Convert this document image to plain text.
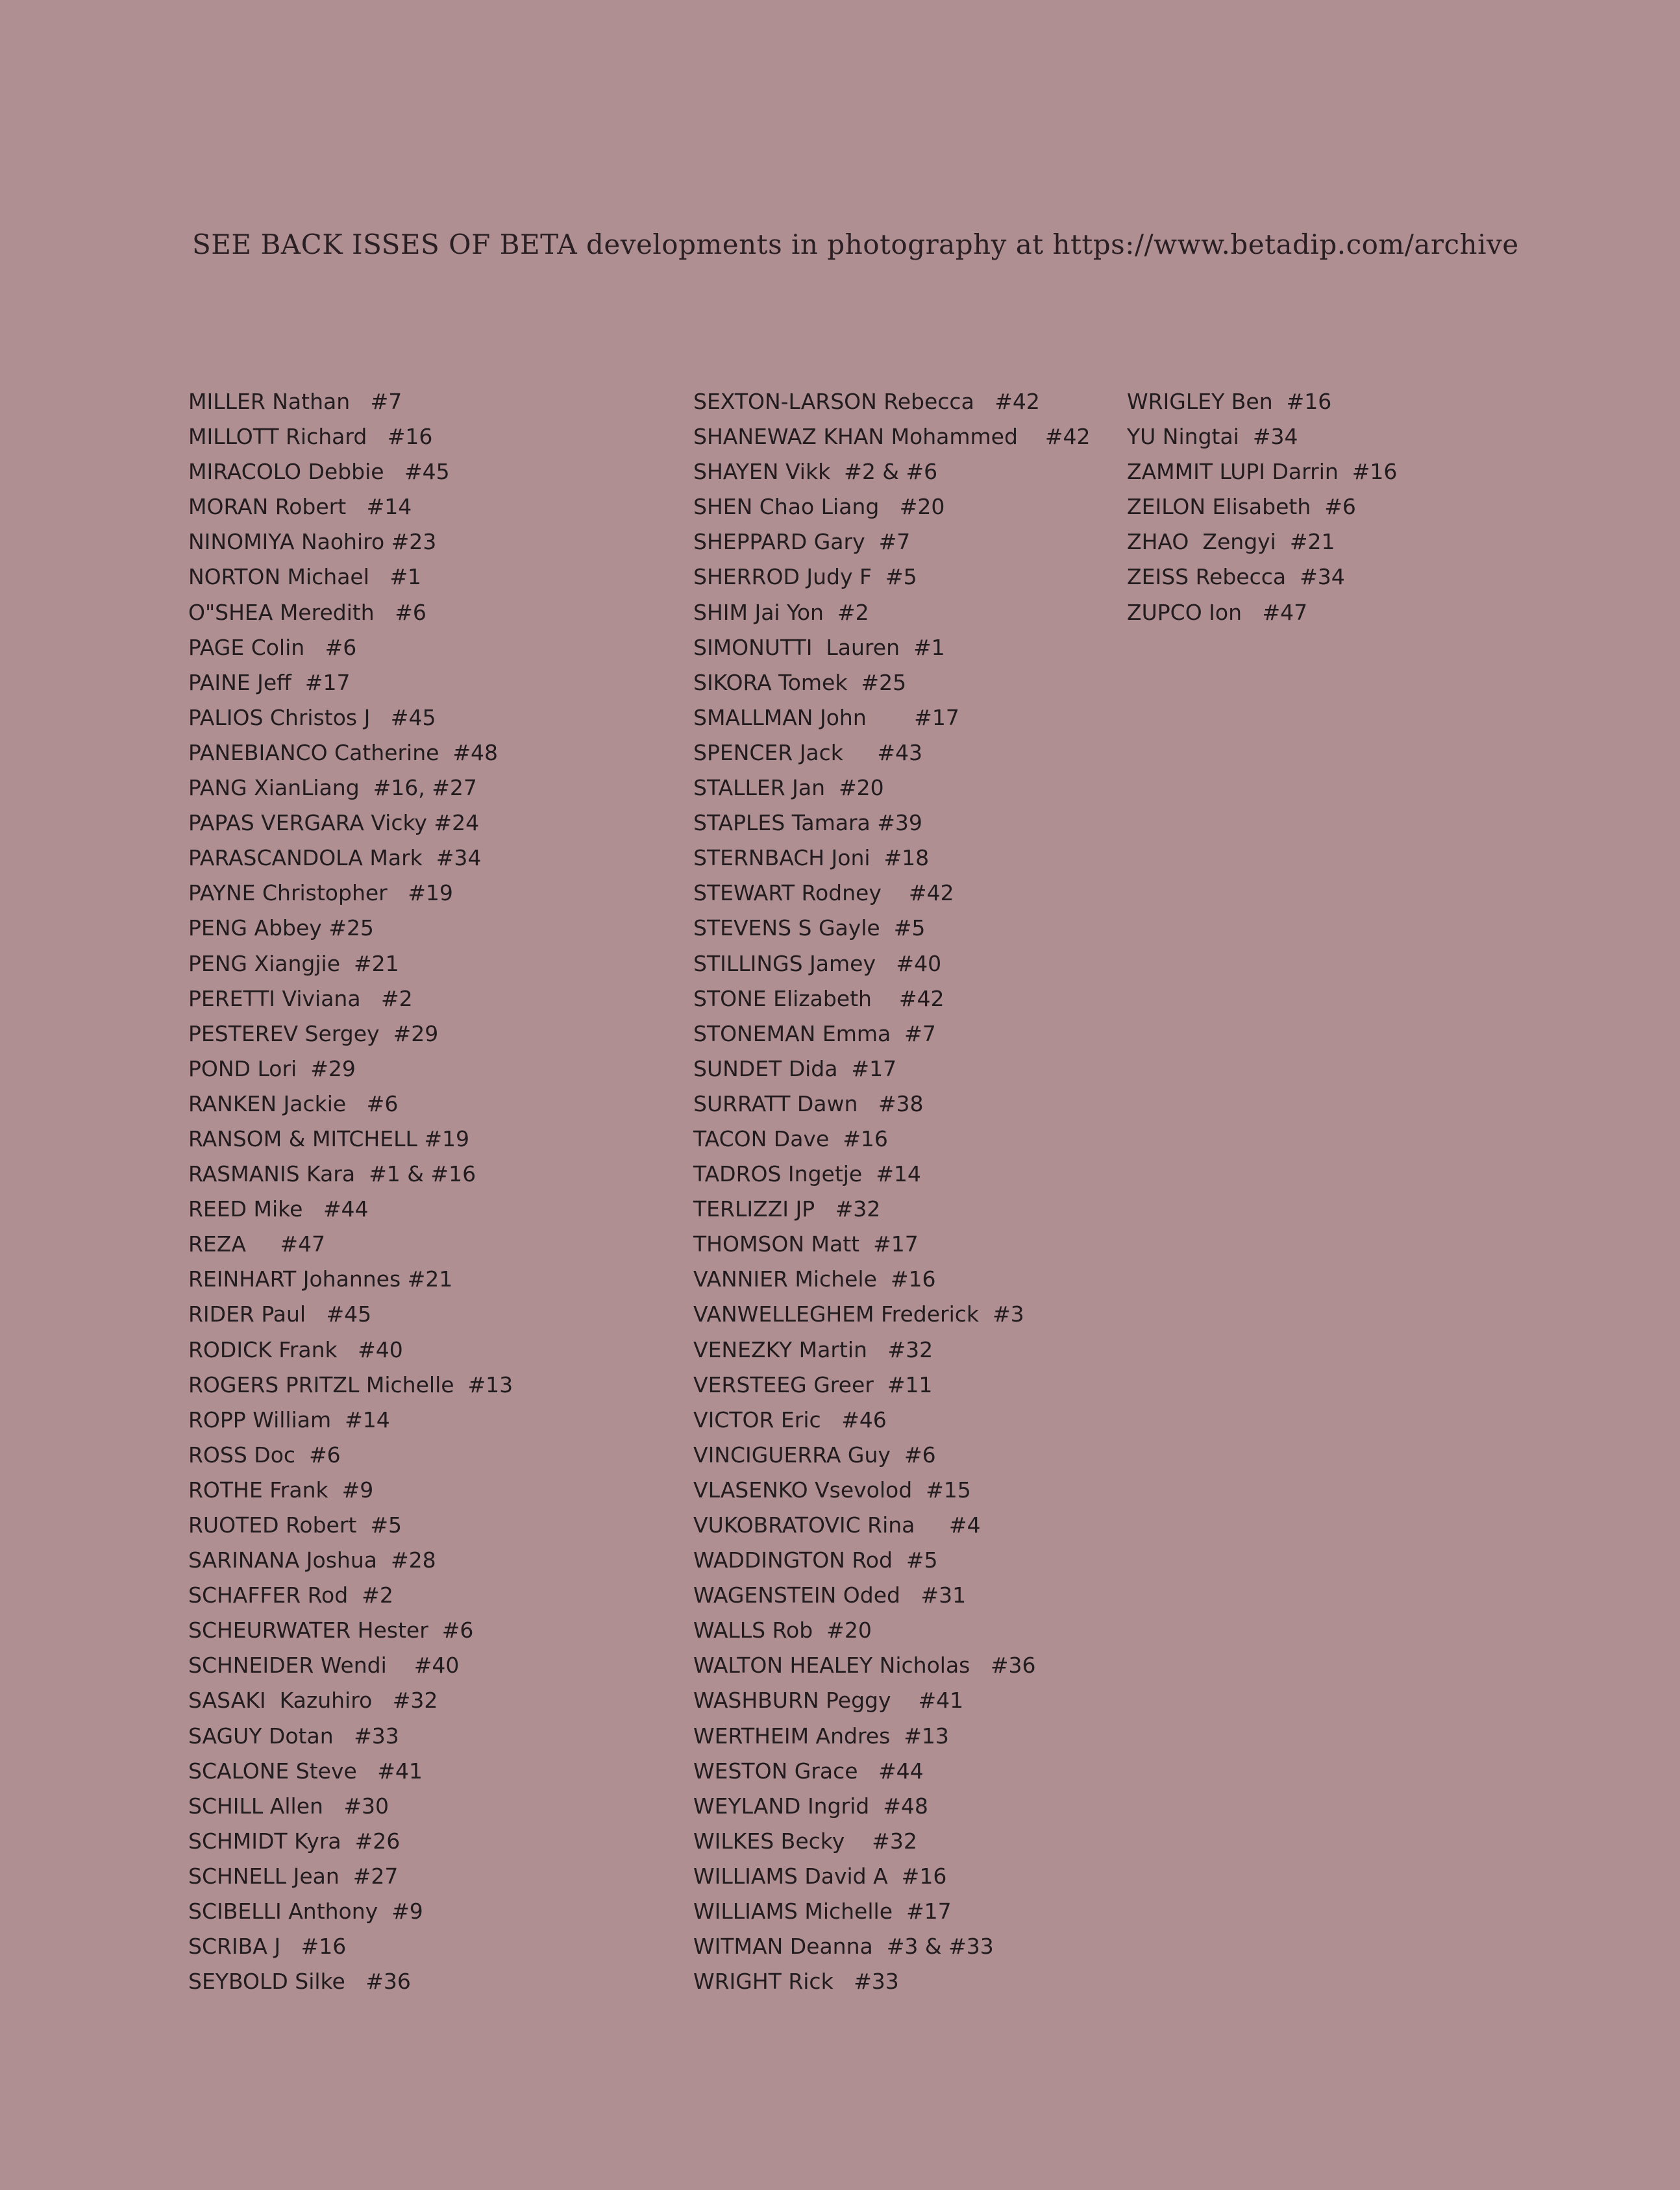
SEE BACK ISSES OF BETA developments in photography at https://www.betadip.com/archive
MILLER Nathan   #7
MILLOTT Richard   #16
MIRACOLO Debbie   #45
MORAN Robert   #14
NINOMIYA Naohiro #23
NORTON Michael   #1
O"SHEA Meredith   #6
PAGE Colin   #6
PAINE Jeff  #17
PALIOS Christos J   #45
PANEBIANCO Catherine  #48
PANG XianLiang  #16, #27
PAPAS VERGARA Vicky #24
PARASCANDOLA Mark  #34
PAYNE Christopher   #19
PENG Abbey #25
PENG Xiangjie  #21
PERETTI Viviana   #2
PESTEREV Sergey  #29
POND Lori  #29
RANKEN Jackie   #6
RANSOM & MITCHELL #19
RASMANIS Kara  #1 & #16
REED Mike   #44
REZA     #47
REINHART Johannes #21
RIDER Paul   #45
RODICK Frank   #40
ROGERS PRITZL Michelle  #13
ROPP William  #14
ROSS Doc  #6
ROTHE Frank  #9
RUOTED Robert  #5
SARINANA Joshua  #28
SCHAFFER Rod  #2
SCHEURWATER Hester  #6
SCHNEIDER Wendi    #40
SASAKI  Kazuhiro   #32
SAGUY Dotan   #33
SCALONE Steve   #41
SCHILL Allen   #30
SCHMIDT Kyra  #26
SCHNELL Jean  #27
SCIBELLI Anthony  #9
SCRIBA J   #16
SEYBOLD Silke   #36
SEXTON-LARSON Rebecca   #42
SHANEWAZ KHAN Mohammed    #42
SHAYEN Vikk  #2 & #6
SHEN Chao Liang   #20
SHEPPARD Gary  #7
SHERROD Judy F  #5
SHIM Jai Yon  #2
SIMONUTTI  Lauren  #1
SIKORA Tomek  #25
SMALLMAN John       #17
SPENCER Jack     #43
STALLER Jan  #20
STAPLES Tamara #39
STERNBACH Joni  #18
STEWART Rodney    #42
STEVENS S Gayle  #5
STILLINGS Jamey   #40
STONE Elizabeth    #42
STONEMAN Emma  #7
SUNDET Dida  #17
SURRATT Dawn   #38
TACON Dave  #16
TADROS Ingetje  #14
TERLIZZI JP   #32
THOMSON Matt  #17
VANNIER Michele  #16
VANWELLEGHEM Frederick  #3
VENEZKY Martin   #32
VERSTEEG Greer  #11
VICTOR Eric   #46
VINCIGUERRA Guy  #6
VLASENKO Vsevolod  #15
VUKOBRATOVIC Rina     #4
WADDINGTON Rod  #5
WAGENSTEIN Oded   #31
WALLS Rob  #20
WALTON HEALEY Nicholas   #36
WASHBURN Peggy    #41
WERTHEIM Andres  #13
WESTON Grace   #44
WEYLAND Ingrid  #48
WILKES Becky    #32
WILLIAMS David A  #16
WILLIAMS Michelle  #17
WITMAN Deanna  #3 & #33
WRIGHT Rick   #33
WRIGLEY Ben  #16
YU Ningtai  #34
ZAMMIT LUPI Darrin  #16
ZEILON Elisabeth  #6
ZHAO  Zengyi  #21
ZEISS Rebecca  #34
ZUPCO Ion   #47
